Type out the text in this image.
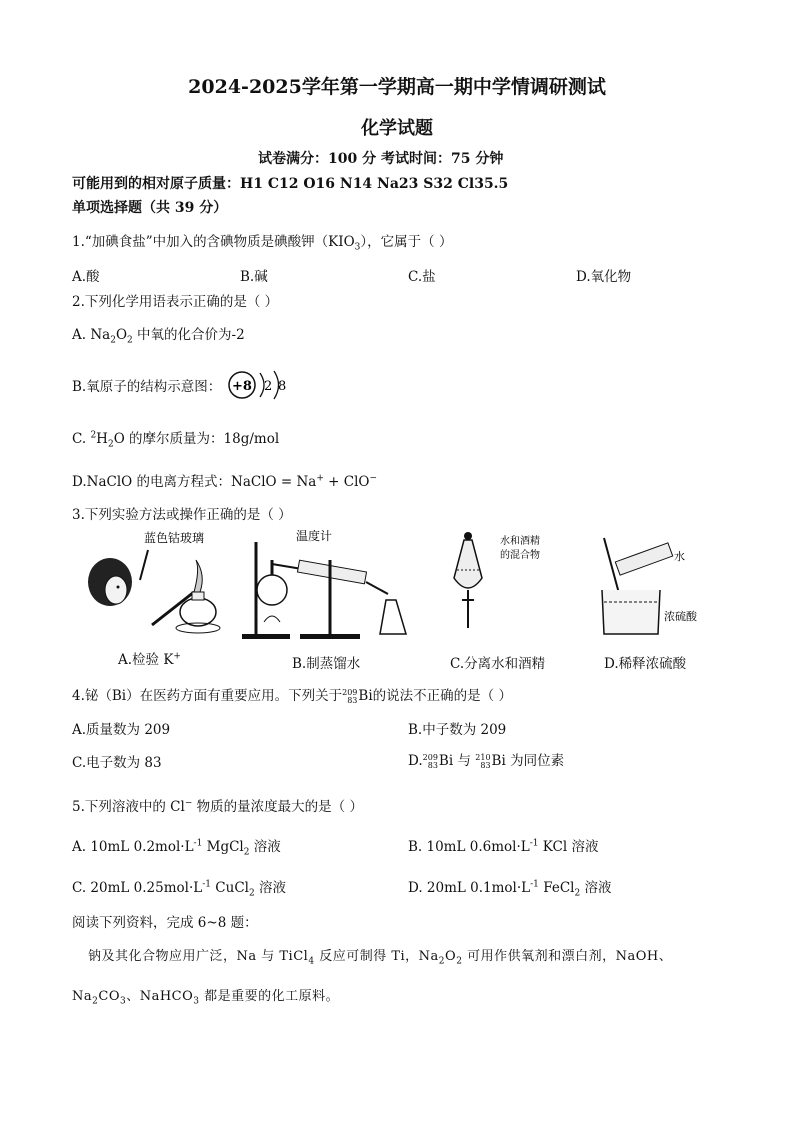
2024-2025学年第一学期高一期中学情调研测试
化学试题
试卷满分：100 分 考试时间：75 分钟
可能用到的相对原子质量：H1 C12 O16 N14 Na23 S32 Cl35.5
单项选择题（共 39 分）
1.“加碘食盐”中加入的含碘物质是碘酸钾$(KIO_3)$，它属于（ ）
A.酸	B.碱	C.盐	D.氧化物
2.下列化学用语表示正确的是（ ）
A. $Na_2O_2$ 中氧的化合价为-2
B.氧原子的结构示意图： +8 2 8
C. $^2H_2O$ 的摩尔质量为：18g/mol
D.NaClO 的电离方程式：NaClO = Na+ + ClO−
3.下列实验方法或操作正确的是（ ）
蓝色钴玻璃	温度计	水和酒精
的混合物	水
浓硫酸
A.检验 K+	B.制蒸馏水	C.分离水和酒精	D.稀释浓硫酸
4.铋（Bi）在医药方面有重要应用。下列关于209
83Bi的说法不正确的是（ ）
A.质量数为 209	B.中子数为 209
C.电子数为 83	D.209
83Bi 与 210
83Bi 为同位素
5.下列溶液中的 Cl− 物质的量浓度最大的是（ ）
A. 10mL $0.2mol\cdot L^{-1}$ MgCl$_2$ 溶液	B. 10mL $0.6mol\cdot L^{-1}$ KCl 溶液
C. 20mL $0.25mol\cdot L^{-1}$ CuCl$_2$ 溶液	D. 20mL $0.1mol\cdot L^{-1}$ FeCl$_2$ 溶液
阅读下列资料，完成 6~8 题：
钠及其化合物应用广泛，Na 与 TiCl$_4$ 反应可制得 Ti，$Na_2O_2$ 可用作供氧剂和漂白剂，NaOH、
$Na_2CO_3$、NaHCO$_3$ 都是重要的化工原料。
